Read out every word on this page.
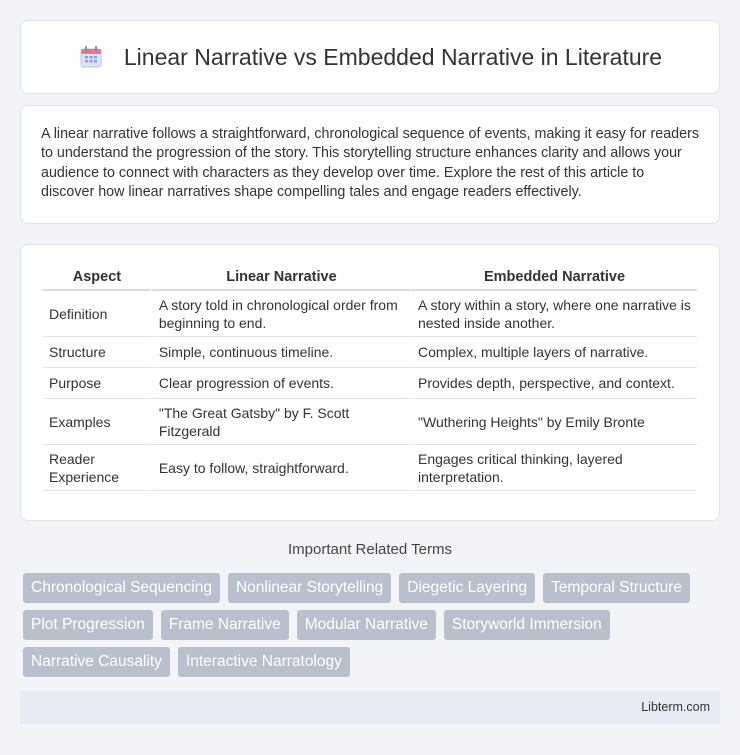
Linear Narrative vs Embedded Narrative in Literature

A linear narrative follows a straightforward, chronological sequence of events, making it easy for readers to understand the progression of the story. This storytelling structure enhances clarity and allows your audience to connect with characters as they develop over time. Explore the rest of this article to discover how linear narratives shape compelling tales and engage readers effectively.

Aspect	Linear Narrative	Embedded Narrative
Definition	A story told in chronological order from beginning to end.	A story within a story, where one narrative is nested inside another.
Structure	Simple, continuous timeline.	Complex, multiple layers of narrative.
Purpose	Clear progression of events.	Provides depth, perspective, and context.
Examples	"The Great Gatsby" by F. Scott Fitzgerald	"Wuthering Heights" by Emily Bronte
Reader Experience	Easy to follow, straightforward.	Engages critical thinking, layered interpretation.
Important Related Terms
Chronological Sequencing	Nonlinear Storytelling	Diegetic Layering	Temporal Structure
Plot Progression	Frame Narrative	Modular Narrative	Storyworld Immersion
Narrative Causality	Interactive Narratology
Libterm.com
